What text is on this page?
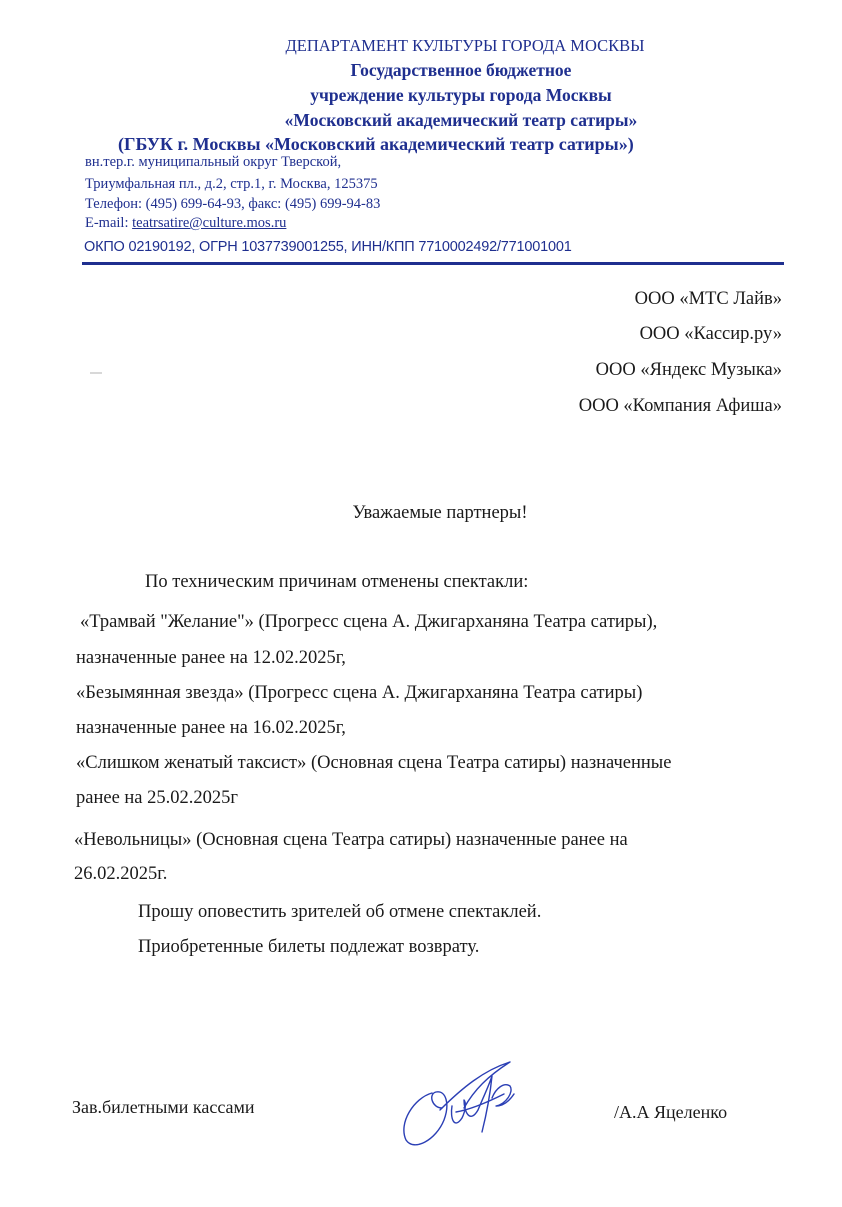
ДЕПАРТАМЕНТ КУЛЬТУРЫ ГОРОДА МОСКВЫ
Государственное бюджетное
учреждение культуры города Москвы
«Московский академический театр сатиры»
(ГБУК г. Москвы «Московский академический театр сатиры»)
вн.тер.г. муниципальный округ Тверской,
Триумфальная пл., д.2, стр.1, г. Москва, 125375
Телефон: (495) 699-64-93, факс: (495) 699-94-83
E-mail: teatrsatire@culture.mos.ru
ОКПО 02190192, ОГРН 1037739001255, ИНН/КПП 7710002492/771001001
ООО «МТС Лайв»
ООО «Кассир.ру»
ООО «Яндекс Музыка»
ООО «Компания Афиша»
Уважаемые партнеры!
По техническим причинам отменены спектакли:
«Трамвай "Желание"» (Прогресс сцена А. Джигарханяна Театра сатиры),
назначенные ранее на 12.02.2025г,
«Безымянная звезда» (Прогресс сцена А. Джигарханяна Театра сатиры)
назначенные ранее на 16.02.2025г,
«Слишком женатый таксист» (Основная сцена Театра сатиры) назначенные
ранее на 25.02.2025г
«Невольницы» (Основная сцена Театра сатиры) назначенные ранее на
26.02.2025г.
Прошу оповестить зрителей об отмене спектаклей.
Приобретенные билеты подлежат возврату.
Зав.билетными кассами	/А.А Яцеленко
